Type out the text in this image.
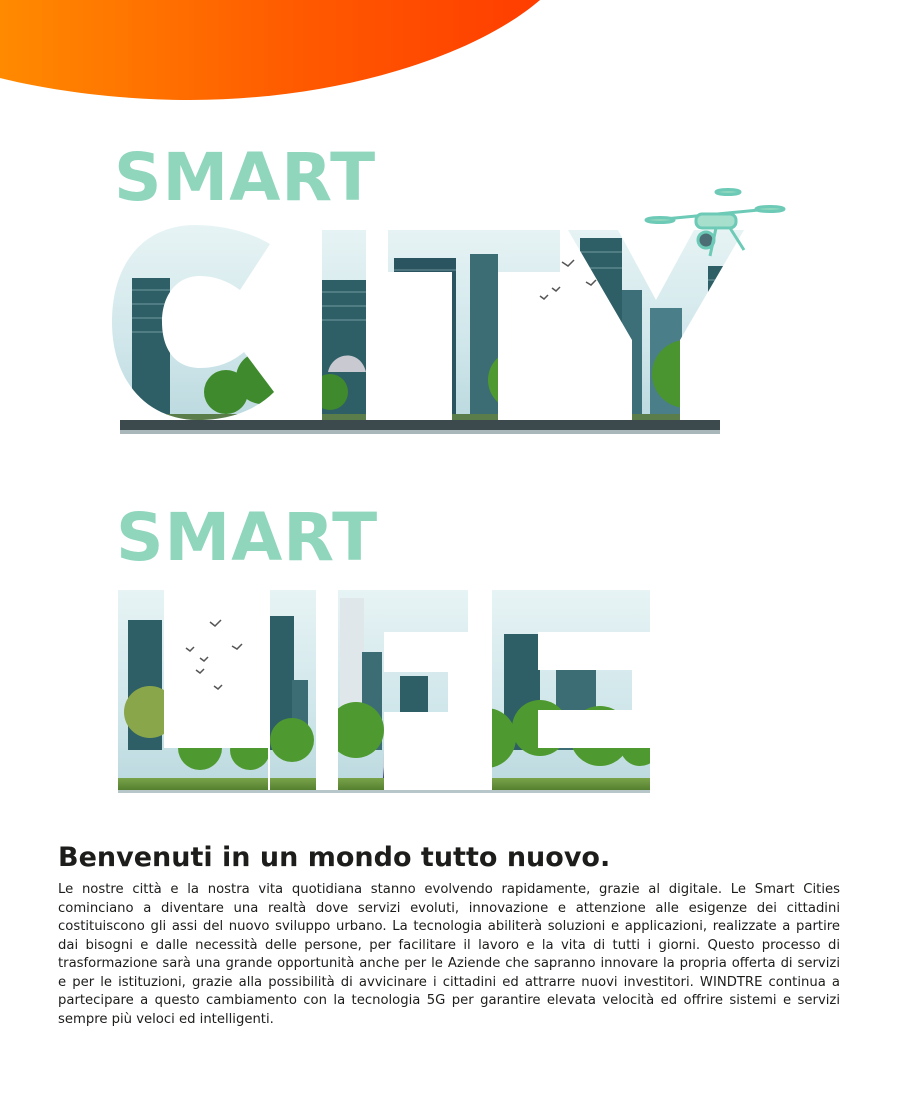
SMART
SMART
Benvenuti in un mondo tutto nuovo.

Le nostre città e la nostra vita quotidiana stanno evolvendo rapidamente, grazie al digitale. Le Smart Cities cominciano a diventare una realtà dove servizi evoluti, innovazione e attenzione alle esigenze dei cittadini costituiscono gli assi del nuovo sviluppo urbano. La tecnologia abiliterà soluzioni e applicazioni, realizzate a partire dai bisogni e dalle necessità delle persone, per facilitare il lavoro e la vita di tutti i giorni. Questo processo di trasformazione sarà una grande opportunità anche per le Aziende che sapranno innovare la propria offerta di servizi e per le istituzioni, grazie alla possibilità di avvicinare i cittadini ed attrarre nuovi investitori. WINDTRE continua a partecipare a questo cambiamento con la tecnologia 5G per garantire elevata velocità ed offrire sistemi e servizi sempre più veloci ed intelligenti.
